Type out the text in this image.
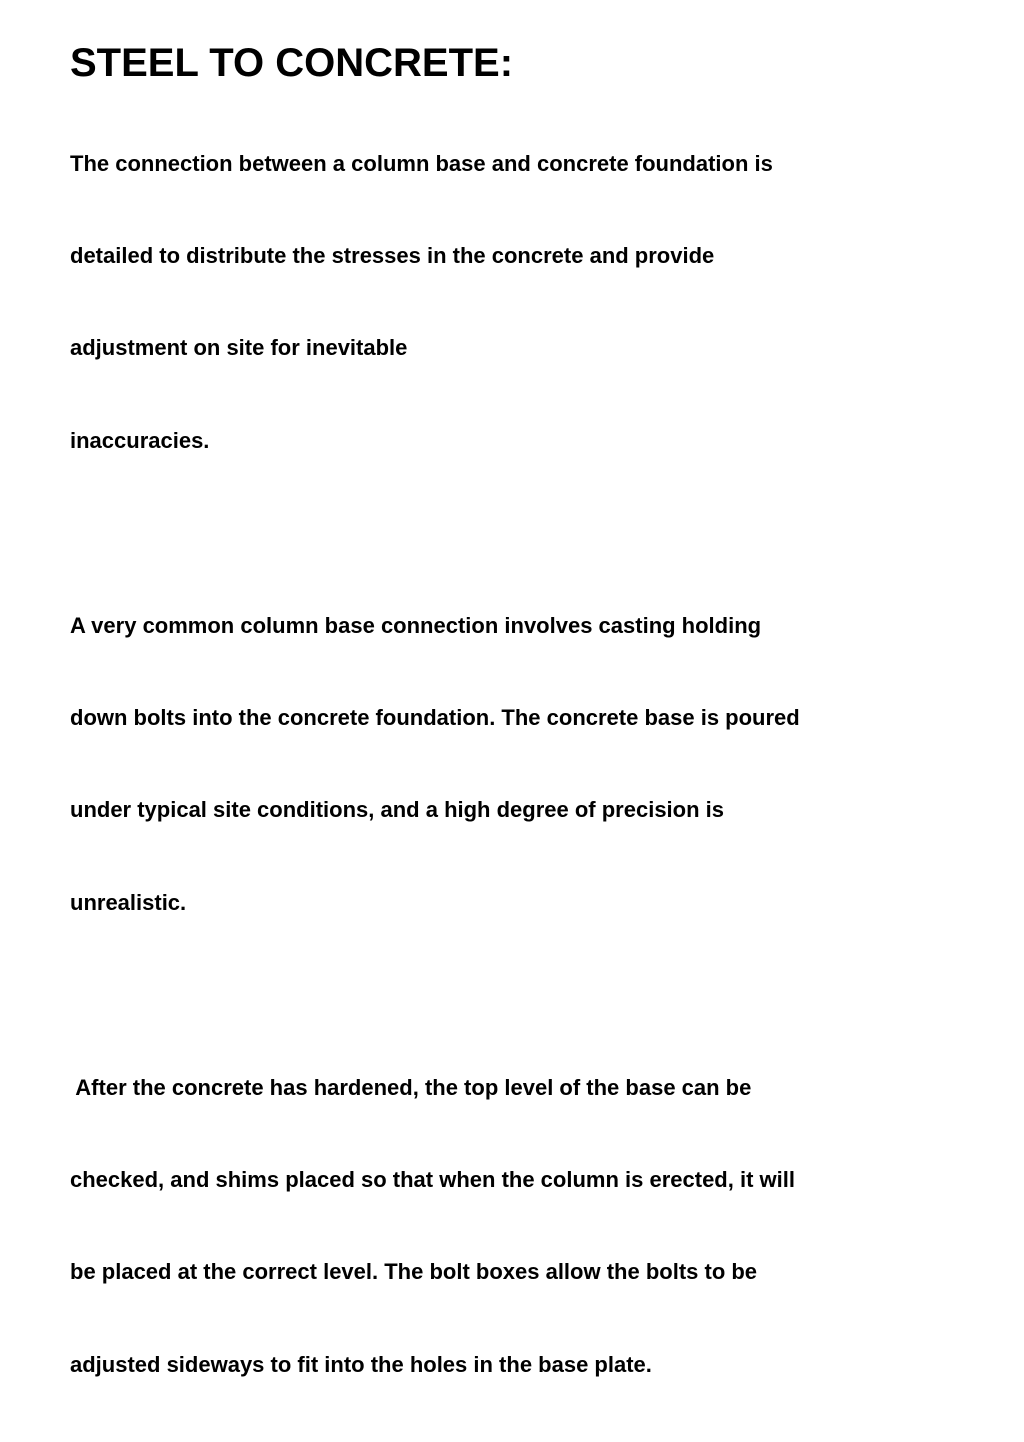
STEEL TO CONCRETE:

The connection between a column base and concrete foundation is

detailed to distribute the stresses in the concrete and provide

adjustment on site for inevitable

inaccuracies.

A very common column base connection involves casting holding

down bolts into the concrete foundation. The concrete base is poured

under typical site conditions, and a high degree of precision is

unrealistic.

After the concrete has hardened, the top level of the base can be

checked, and shims placed so that when the column is erected, it will

be placed at the correct level. The bolt boxes allow the bolts to be

adjusted sideways to fit into the holes in the base plate.
